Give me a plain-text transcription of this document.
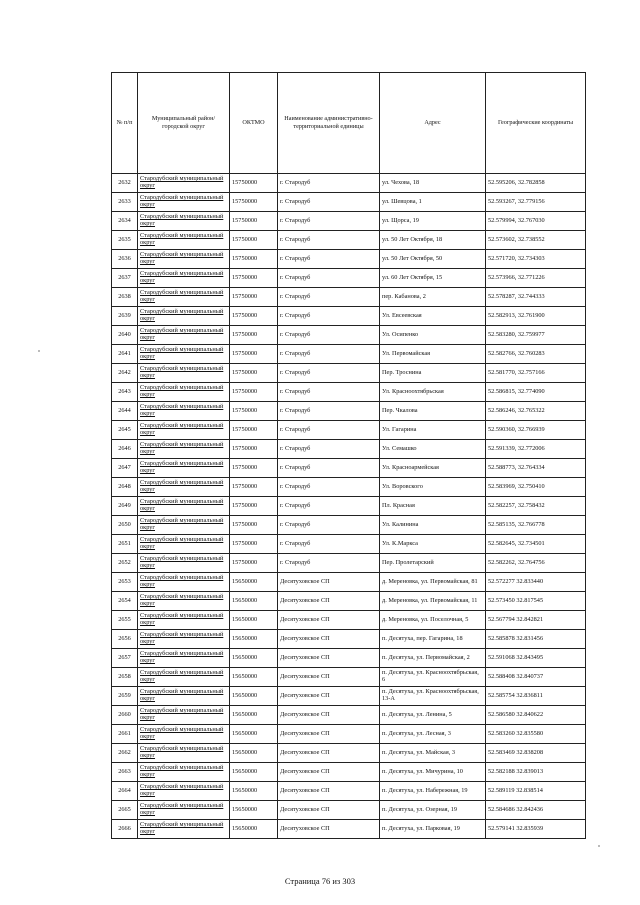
№ п/п	Муниципальный район/городской округ	ОКТМО	Наименование административно-территориальной единицы	Адрес	Географические координаты
2632	Стародубский муниципальный округ	15750000	г. Стародуб	ул. Чехова, 18	52.595206, 32.782858
2633	Стародубский муниципальный округ	15750000	г. Стародуб	ул. Шевцова, 1	52.593267, 32.779156
2634	Стародубский муниципальный округ	15750000	г. Стародуб	ул. Щорса, 19	52.579994, 32.767030
2635	Стародубский муниципальный округ	15750000	г. Стародуб	ул. 50 Лет Октября, 18	52.573602, 32.738552
2636	Стародубский муниципальный округ	15750000	г. Стародуб	ул. 50 Лет Октября, 50	52.571720, 32.734303
2637	Стародубский муниципальный округ	15750000	г. Стародуб	ул. 60 Лет Октября, 15	52.573966, 32.771226
2638	Стародубский муниципальный округ	15750000	г. Стародуб	пер. Кабанова, 2	52.578287, 32.744333
2639	Стародубский муниципальный округ	15750000	г. Стародуб	Ул. Евсеевская	52.582913, 32.761900
2640	Стародубский муниципальный округ	15750000	г. Стародуб	Ул. Осипенко	52.583280, 32.759977
2641	Стародубский муниципальный округ	15750000	г. Стародуб	Ул. Первомайская	52.582766, 32.760283
2642	Стародубский муниципальный округ	15750000	г. Стародуб	Пер. Троснина	52.581770, 32.757166
2643	Стародубский муниципальный округ	15750000	г. Стародуб	Ул. Красноохтябрьская	52.586815, 32.774090
2644	Стародубский муниципальный округ	15750000	г. Стародуб	Пер. Чкалова	52.586246, 32.765322
2645	Стародубский муниципальный округ	15750000	г. Стародуб	Ул. Гагарина	52.590360, 32.766939
2646	Стародубский муниципальный округ	15750000	г. Стародуб	Ул. Семашко	52.591339, 32.772006
2647	Стародубский муниципальный округ	15750000	г. Стародуб	Ул. Красноармейская	52.588773, 32.764334
2648	Стародубский муниципальный округ	15750000	г. Стародуб	Ул. Воровского	52.583969, 32.750410
2649	Стародубский муниципальный округ	15750000	г. Стародуб	Пл. Красная	52.582257, 32.758432
2650	Стародубский муниципальный округ	15750000	г. Стародуб	Ул. Калинина	52.585135, 32.766778
2651	Стародубский муниципальный округ	15750000	г. Стародуб	Ул. К.Маркса	52.582645, 32.734501
2652	Стародубский муниципальный округ	15750000	г. Стародуб	Пер. Пролетарский	52.582262, 32.764756
2653	Стародубский муниципальный округ	15650000	Десятуховское СП	д. Мереновка, ул. Первомайская, 81	52.572277 32.833440
2654	Стародубский муниципальный округ	15650000	Десятуховское СП	д. Мереновка, ул. Первомайская, 11	52.573450 32.817545
2655	Стародубский муниципальный округ	15650000	Десятуховское СП	д. Мереновка, ул. Поселочная, 5	52.567794 32.842821
2656	Стародубский муниципальный округ	15650000	Десятуховское СП	п. Десятуха, пер. Гагарина, 18	52.585878 32.831456
2657	Стародубский муниципальный округ	15650000	Десятуховское СП	п. Десятуха, ул. Первомайская, 2	52.591068 32.843495
2658	Стародубский муниципальный округ	15650000	Десятуховское СП	п. Десятуха, ул. Красноохтябрьская, 6	52.588408 32.840737
2659	Стародубский муниципальный округ	15650000	Десятуховское СП	п. Десятуха, ул. Красноохтябрьская, 13-А	52.585754 32.836811
2660	Стародубский муниципальный округ	15650000	Десятуховское СП	п. Десятуха, ул. Ленина, 5	52.586580 32.840622
2661	Стародубский муниципальный округ	15650000	Десятуховское СП	п. Десятуха, ул. Лесная, 3	52.583260 32.835580
2662	Стародубский муниципальный округ	15650000	Десятуховское СП	п. Десятуха, ул. Майская, 3	52.583469 32.838208
2663	Стародубский муниципальный округ	15650000	Десятуховское СП	п. Десятуха, ул. Мичурина, 10	52.582188 32.839013
2664	Стародубский муниципальный округ	15650000	Десятуховское СП	п. Десятуха, ул. Набережная, 19	52.589119 32.838514
2665	Стародубский муниципальный округ	15650000	Десятуховское СП	п. Десятуха, ул. Озерная, 19	52.584686 32.842436
2666	Стародубский муниципальный округ	15650000	Десятуховское СП	п. Десятуха, ул. Парковая, 19	52.579141 32.835939
Страница 76 из 303
